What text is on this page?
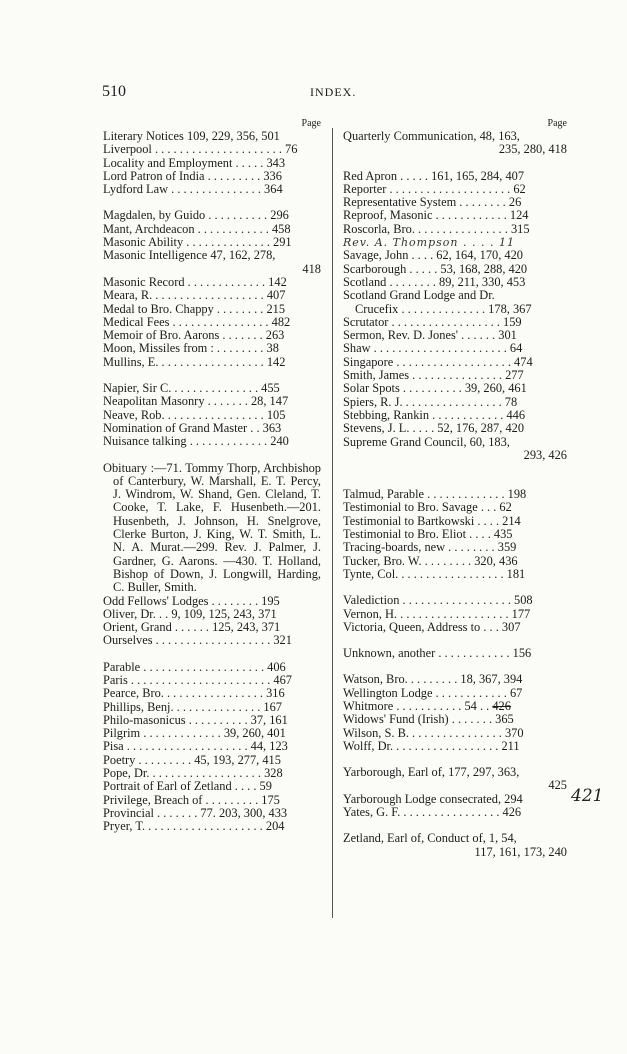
510	INDEX.
Page

Literary Notices 109, 229, 356, 501

Liverpool . . . . . . . . . . . . . . . . . . . . . 76

Locality and Employment . . . . . 343

Lord Patron of India . . . . . . . . . 336

Lydford Law . . . . . . . . . . . . . . . 364

Magdalen, by Guido . . . . . . . . . . 296

Mant, Archdeacon . . . . . . . . . . . . 458

Masonic Ability . . . . . . . . . . . . . . 291

Masonic Intelligence 47, 162, 278,

418

Masonic Record . . . . . . . . . . . . . 142

Meara, R. . . . . . . . . . . . . . . . . . . 407

Medal to Bro. Chappy . . . . . . . . 215

Medical Fees . . . . . . . . . . . . . . . . 482

Memoir of Bro. Aarons . . . . . . . 263

Moon, Missiles from : . . . . . . . . 38

Mullins, E. . . . . . . . . . . . . . . . . . 142

Napier, Sir C. . . . . . . . . . . . . . . 455

Neapolitan Masonry . . . . . . . 28, 147

Neave, Rob. . . . . . . . . . . . . . . . . 105

Nomination of Grand Master . . 363

Nuisance talking . . . . . . . . . . . . . 240

Obituary :—71. Tommy Thorp, Archbishop of Canterbury, W. Marshall, E. T. Percy, J. Windrom, W. Shand, Gen. Cleland, T. Cooke, T. Lake, F. Husenbeth.—201. Husenbeth, J. Johnson, H. Snelgrove, Clerke Burton, J. King, W. T. Smith, L. N. A. Murat.—299. Rev. J. Palmer, J. Gardner, G. Aarons. —430. T. Holland, Bishop of Down, J. Longwill, Harding, C. Buller, Smith.

Odd Fellows' Lodges . . . . . . . . 195

Oliver, Dr. . . 9, 109, 125, 243, 371

Orient, Grand . . . . . . 125, 243, 371

Ourselves . . . . . . . . . . . . . . . . . . . 321

Parable . . . . . . . . . . . . . . . . . . . . 406

Paris . . . . . . . . . . . . . . . . . . . . . . . 467

Pearce, Bro. . . . . . . . . . . . . . . . . 316

Phillips, Benj. . . . . . . . . . . . . . . 167

Philo-masonicus . . . . . . . . . . 37, 161

Pilgrim . . . . . . . . . . . . . 39, 260, 401

Pisa . . . . . . . . . . . . . . . . . . . . 44, 123

Poetry . . . . . . . . . 45, 193, 277, 415

Pope, Dr. . . . . . . . . . . . . . . . . . . 328

Portrait of Earl of Zetland . . . . 59

Privilege, Breach of . . . . . . . . . 175

Provincial . . . . . . . 77. 203, 300, 433

Pryer, T. . . . . . . . . . . . . . . . . . . . 204

Page

Quarterly Communication, 48, 163,

235, 280, 418

Red Apron . . . . . 161, 165, 284, 407

Reporter . . . . . . . . . . . . . . . . . . . . 62

Representative System . . . . . . . . 26

Reproof, Masonic . . . . . . . . . . . . 124

Roscorla, Bro. . . . . . . . . . . . . . . . 315

Rev. A. Thompson . . . . 11

Savage, John . . . . 62, 164, 170, 420

Scarborough . . . . . 53, 168, 288, 420

Scotland . . . . . . . . 89, 211, 330, 453

Scotland Grand Lodge and Dr.

Crucefix . . . . . . . . . . . . . . 178, 367

Scrutator . . . . . . . . . . . . . . . . . . 159

Sermon, Rev. D. Jones' . . . . . . 301

Shaw . . . . . . . . . . . . . . . . . . . . . . 64

Singapore . . . . . . . . . . . . . . . . . . . 474

Smith, James . . . . . . . . . . . . . . . 277

Solar Spots . . . . . . . . . . 39, 260, 461

Spiers, R. J. . . . . . . . . . . . . . . . . 78

Stebbing, Rankin . . . . . . . . . . . . 446

Stevens, J. L. . . . . 52, 176, 287, 420

Supreme Grand Council, 60, 183,

293, 426

Talmud, Parable . . . . . . . . . . . . . 198

Testimonial to Bro. Savage . . . 62

Testimonial to Bartkowski . . . . 214

Testimonial to Bro. Eliot . . . . 435

Tracing-boards, new . . . . . . . . 359

Tucker, Bro. W. . . . . . . . . 320, 436

Tynte, Col. . . . . . . . . . . . . . . . . . 181

Valediction . . . . . . . . . . . . . . . . . . 508

Vernon, H. . . . . . . . . . . . . . . . . . . 177

Victoria, Queen, Address to . . . 307

Unknown, another . . . . . . . . . . . . 156

Watson, Bro. . . . . . . . . 18, 367, 394

Wellington Lodge . . . . . . . . . . . . 67

Whitmore . . . . . . . . . . . 54 . . 426

Widows' Fund (Irish) . . . . . . . 365

Wilson, S. B. . . . . . . . . . . . . . . . 370

Wolff, Dr. . . . . . . . . . . . . . . . . . 211

Yarborough, Earl of, 177, 297, 363,

425

Yarborough Lodge consecrated, 294

Yates, G. F. . . . . . . . . . . . . . . . . 426

Zetland, Earl of, Conduct of, 1, 54,

117, 161, 173, 240

421
